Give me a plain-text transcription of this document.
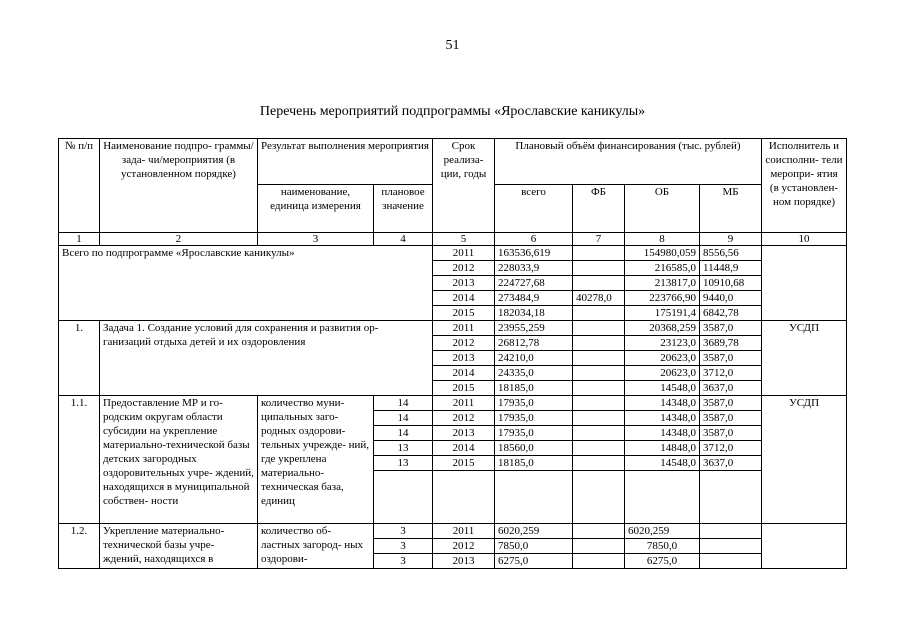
51
Перечень мероприятий подпрограммы «Ярославские каникулы»
№ п/п	Наименование подпро- граммы/ зада- чи/мероприятия (в установленном порядке)	Результат выполнения мероприятия		Срок реализа- ции, годы	Плановый объём финансирования (тыс. рублей)				Исполнитель и соисполни- тели меропри- ятия (в установлен- ном порядке)
		наименование, единица измерения	плановое значение		всего	ФБ	ОБ	МБ	
1	2	3	4	5	6	7	8	9	10
Всего по подпрограмме «Ярославские каникулы»				2011	163536,619		154980,059	8556,56	
				2012	228033,9		216585,0	11448,9	
				2013	224727,68		213817,0	10910,68	
				2014	273484,9	40278,0	223766,90	9440,0	
				2015	182034,18		175191,4	6842,78	
1.	Задача 1. Создание условий для сохранения и развития ор- ганизаций отдыха детей и их оздоровления			2011	23955,259		20368,259	3587,0	УСДП
				2012	26812,78		23123,0	3689,78	
				2013	24210,0		20623,0	3587,0	
				2014	24335,0		20623,0	3712,0	
				2015	18185,0		14548,0	3637,0	
1.1.	Предоставление МР и го- родским округам области субсидии на укрепление материально-технической базы детских загородных оздоровительных учре- ждений, находящихся в муниципальной собствен- ности	количество муни- ципальных заго- родных оздорови- тельных учрежде- ний, где укреплена материально- техническая база, единиц	14	2011	17935,0		14348,0	3587,0	УСДП
			14	2012	17935,0		14348,0	3587,0	
			14	2013	17935,0		14348,0	3587,0	
			13	2014	18560,0		14848,0	3712,0	
			13	2015	18185,0		14548,0	3637,0	

1.2.	Укрепление материально- технической базы учре- ждений, находящихся в	количество об- ластных загород- ных оздорови-	3	2011	6020,259		6020,259		
			3	2012	7850,0		7850,0		
			3	2013	6275,0		6275,0		
